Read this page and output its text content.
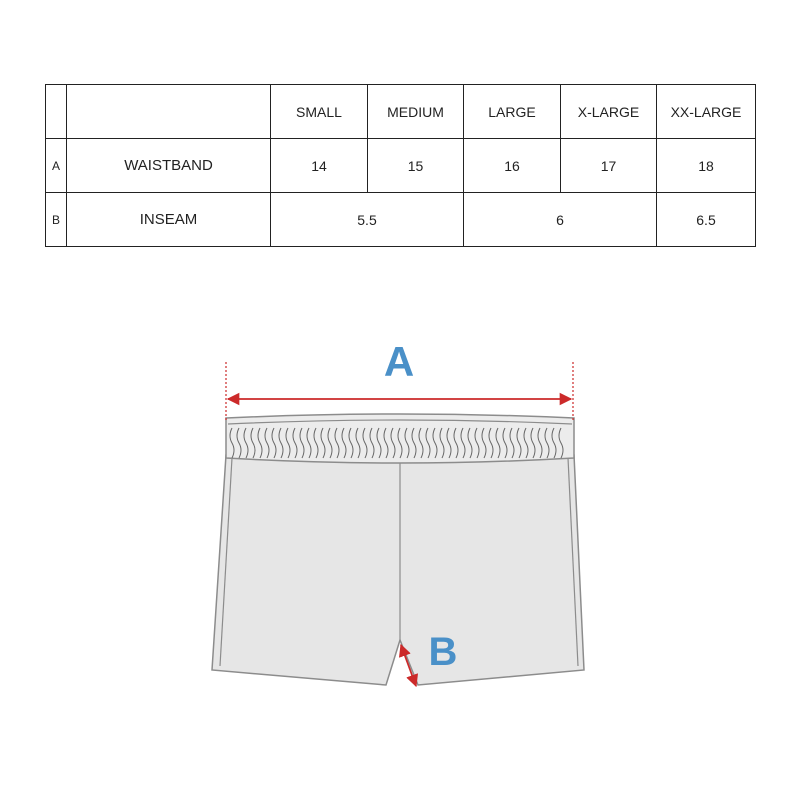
		SMALL	MEDIUM	LARGE	X-LARGE	XX-LARGE
A	WAISTBAND	14	15	16	17	18
B	INSEAM	5.5		6		6.5
A
B
